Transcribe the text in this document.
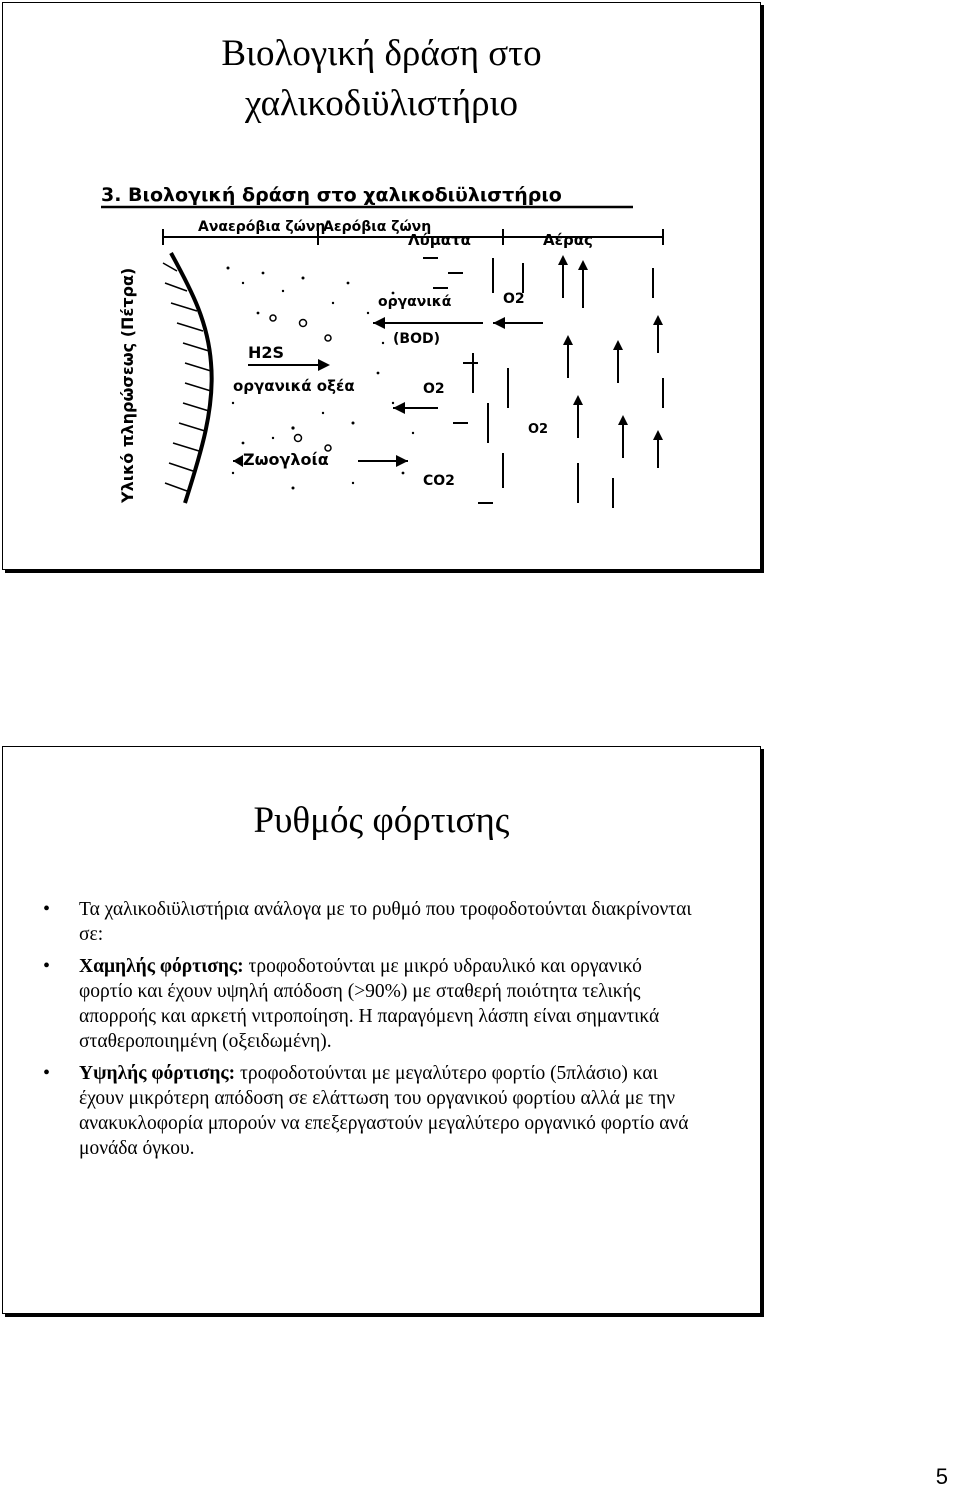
Βιολογική δράση στο
χαλικοδιϋλιστήριο
3. Βιολογική δράση στο χαλικοδιϋλιστήριο
Αναερόβια ζώνη
Αερόβια ζώνη
Λύματα	Αέρας
Υλικό πληρώσεως (Πέτρα)	H2S
οργανικά οξέα
οργανικά
(BOD)
O2
O2
O2
Ζωογλοία
CO2
Ρυθμός φόρτισης
• Τα χαλικοδιϋλιστήρια ανάλογα με το ρυθμό που τροφοδοτούνται διακρίνονται σε:
• Χαμηλής φόρτισης: τροφοδοτούνται με μικρό υδραυλικό και οργανικό φορτίο και έχουν υψηλή απόδοση (>90%) με σταθερή ποιότητα τελικής απορροής και αρκετή νιτροποίηση. Η παραγόμενη λάσπη είναι σημαντικά σταθεροποιημένη (οξειδωμένη).
• Υψηλής φόρτισης: τροφοδοτούνται με μεγαλύτερο φορτίο (5πλάσιο) και έχουν μικρότερη απόδοση σε ελάττωση του οργανικού φορτίου αλλά με την ανακυκλοφορία μπορούν να επεξεργαστούν μεγαλύτερο οργανικό φορτίο ανά μονάδα όγκου.
5
